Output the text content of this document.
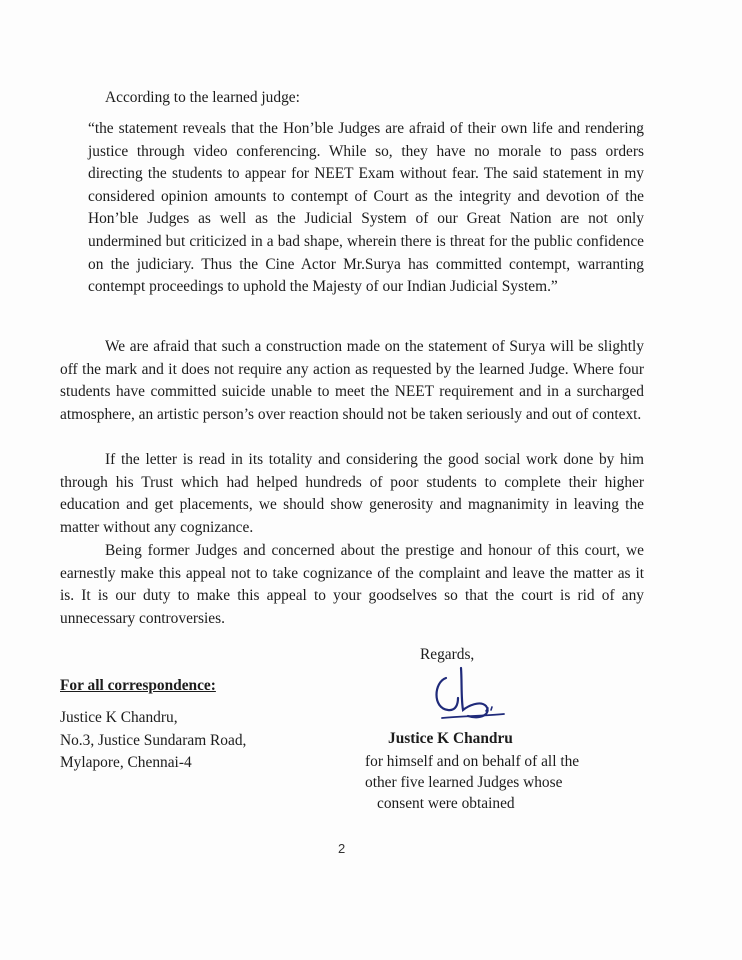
According to the learned judge:

“the statement reveals that the Hon’ble Judges are afraid of their own life and rendering justice through video conferencing. While so, they have no morale to pass orders directing the students to appear for NEET Exam without fear. The said statement in my considered opinion amounts to contempt of Court as the integrity and devotion of the Hon’ble Judges as well as the Judicial System of our Great Nation are not only undermined but criticized in a bad shape, wherein there is threat for the public confidence on the judiciary. Thus the Cine Actor Mr.Surya has committed contempt, warranting contempt proceedings to uphold the Majesty of our Indian Judicial System.”

We are afraid that such a construction made on the statement of Surya will be slightly off the mark and it does not require any action as requested by the learned Judge. Where four students have committed suicide unable to meet the NEET requirement and in a surcharged atmosphere, an artistic person’s over reaction should not be taken seriously and out of context.

If the letter is read in its totality and considering the good social work done by him through his Trust which had helped hundreds of poor students to complete their higher education and get placements, we should show generosity and magnanimity in leaving the matter without any cognizance.

Being former Judges and concerned about the prestige and honour of this court, we earnestly make this appeal not to take cognizance of the complaint and leave the matter as it is. It is our duty to make this appeal to your goodselves so that the court is rid of any unnecessary controversies.

Regards,
For all correspondence:
Justice K Chandru,
No.3, Justice Sundaram Road,
Mylapore, Chennai-4
Justice K Chandru
for himself and on behalf of all the
other five learned Judges whose
consent were obtained
2
